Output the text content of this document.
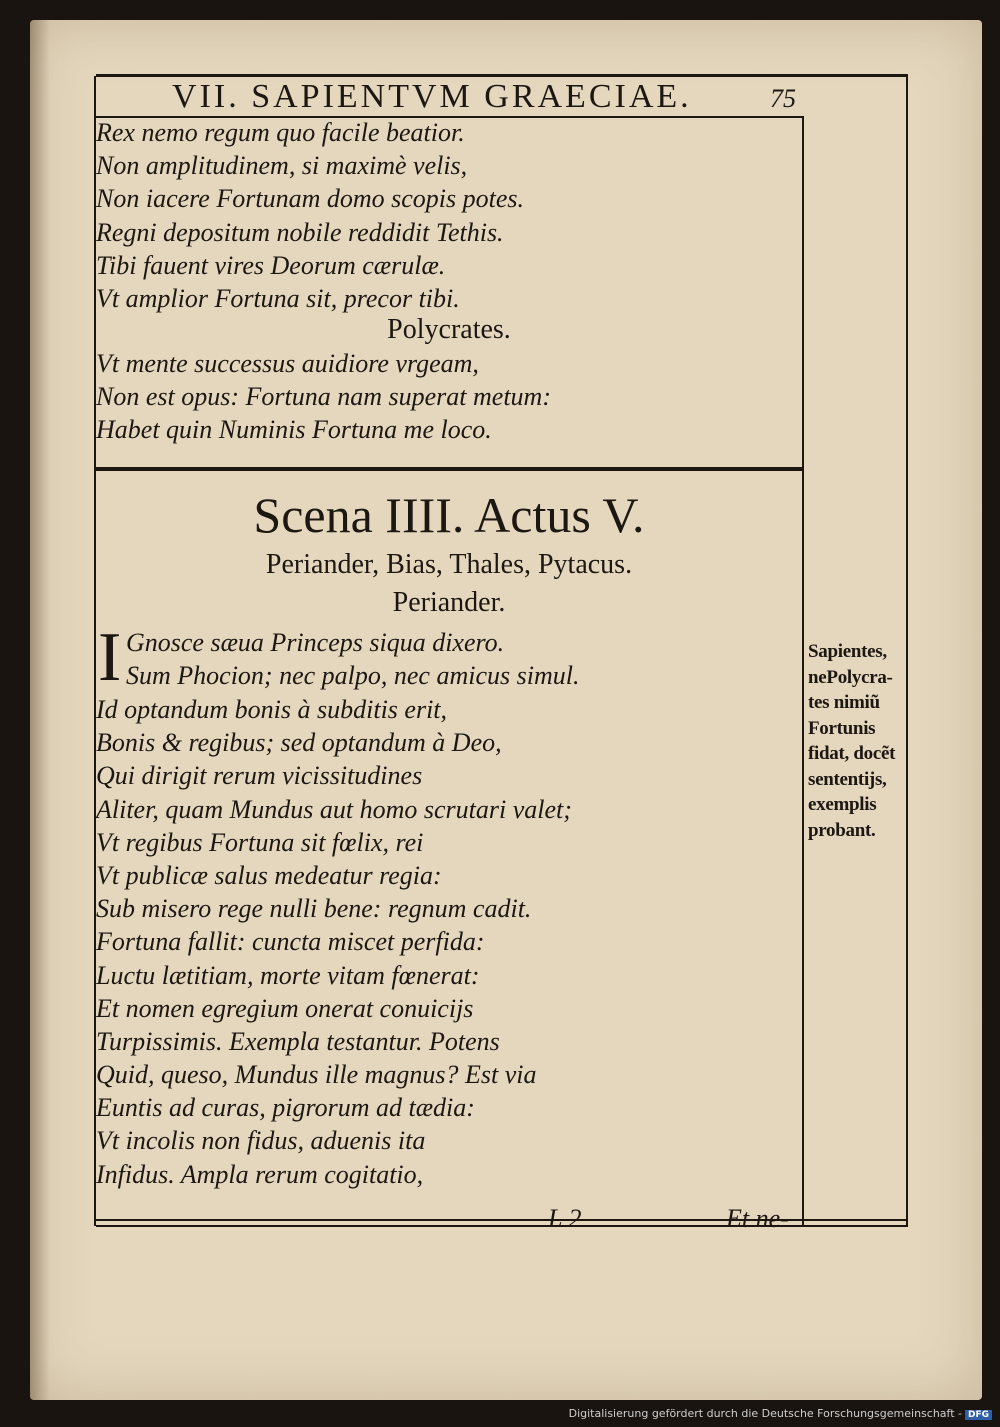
VII. SAPIENTVM GRAECIAE.	75
Rex nemo regum quo facile beatior.
Non amplitudinem, si maximè velis,
Non iacere Fortunam domo scopis potes.
Regni depositum nobile reddidit Tethis.
Tibi fauent vires Deorum cærulæ.
Vt amplior Fortuna sit, precor tibi.
Polycrates.
Vt mente successus auidiore vrgeam,
Non est opus: Fortuna nam superat metum:
Habet quin Numinis Fortuna me loco.
Scena IIII. Actus V.
Periander, Bias, Thales, Pytacus.
Periander.
I Gnosce sæua Princeps siqua dixero.
Sum Phocion; nec palpo, nec amicus simul.
Id optandum bonis à subditis erit,
Bonis & regibus; sed optandum à Deo,
Qui dirigit rerum vicissitudines
Aliter, quam Mundus aut homo scrutari valet;
Vt regibus Fortuna sit fœlix, rei
Vt publicæ salus medeatur regia:
Sub misero rege nulli bene: regnum cadit.
Fortuna fallit: cuncta miscet perfida:
Luctu lætitiam, morte vitam fœnerat:
Et nomen egregium onerat conuicijs
Turpissimis. Exempla testantur. Potens
Quid, queso, Mundus ille magnus? Est via
Euntis ad curas, pigrorum ad tædia:
Vt incolis non fidus, aduenis ita
Infidus. Ampla rerum cogitatio,
Sapientes,
nePolycra-
tes nimiũ
Fortunis
fidat, docẽt
sententijs,
exemplis
probant.
L 2	Et ne-
Digitalisierung gefördert durch die Deutsche Forschungsgemeinschaft - DFG
